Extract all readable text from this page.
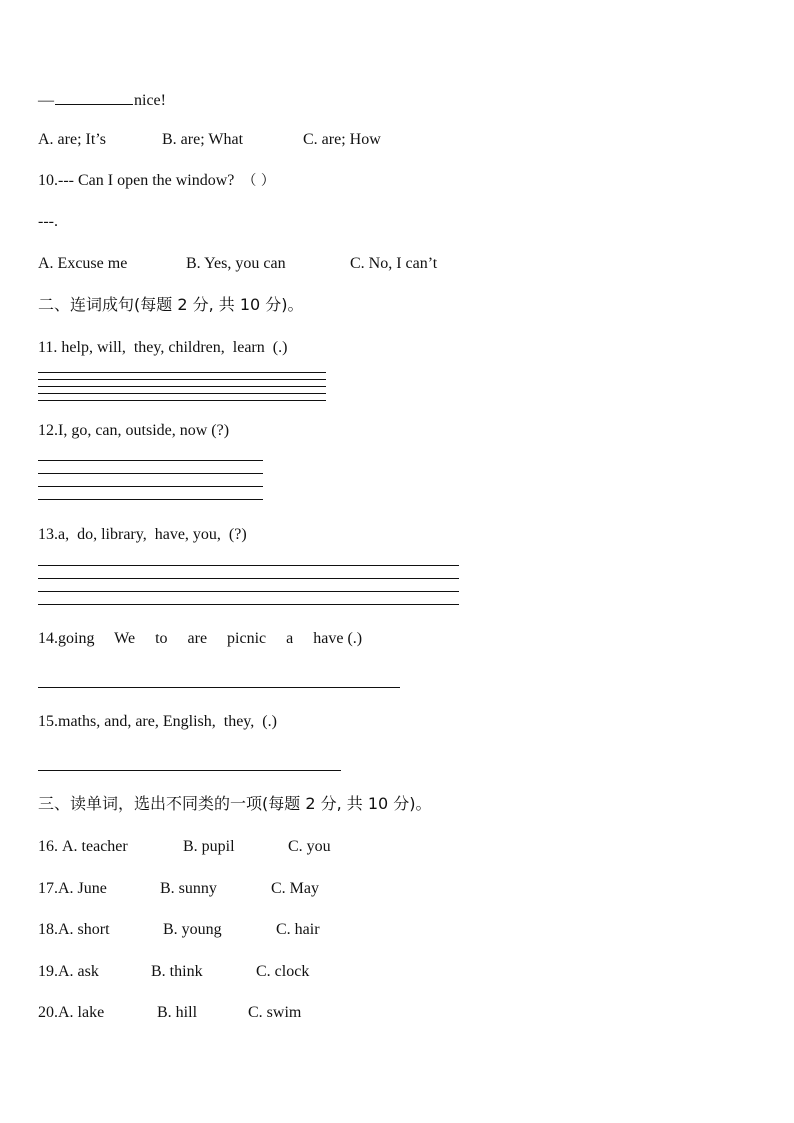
—	nice!
A. are; It’s	B. are; What	C. are; How
10.--- Can I open the window? （ ）
---.
A. Excuse me	B. Yes, you can	C. No, I can’t
二、连词成句(每题 2 分, 共 10 分)。
11. help, will,  they, children,  learn  (.)
12.I, go, can, outside, now (?)
13.a,  do, library,  have, you,  (?)
14.going     We     to     are     picnic     a     have (.)
15.maths, and, are, English,  they,  (.)
三、读单词，选出不同类的一项(每题 2 分, 共 10 分)。
16. A. teacher	B. pupil	C. you
17.A. June	B. sunny	C. May
18.A. short	B. young	C. hair
19.A. ask	B. think	C. clock
20.A. lake	B. hill	C. swim
